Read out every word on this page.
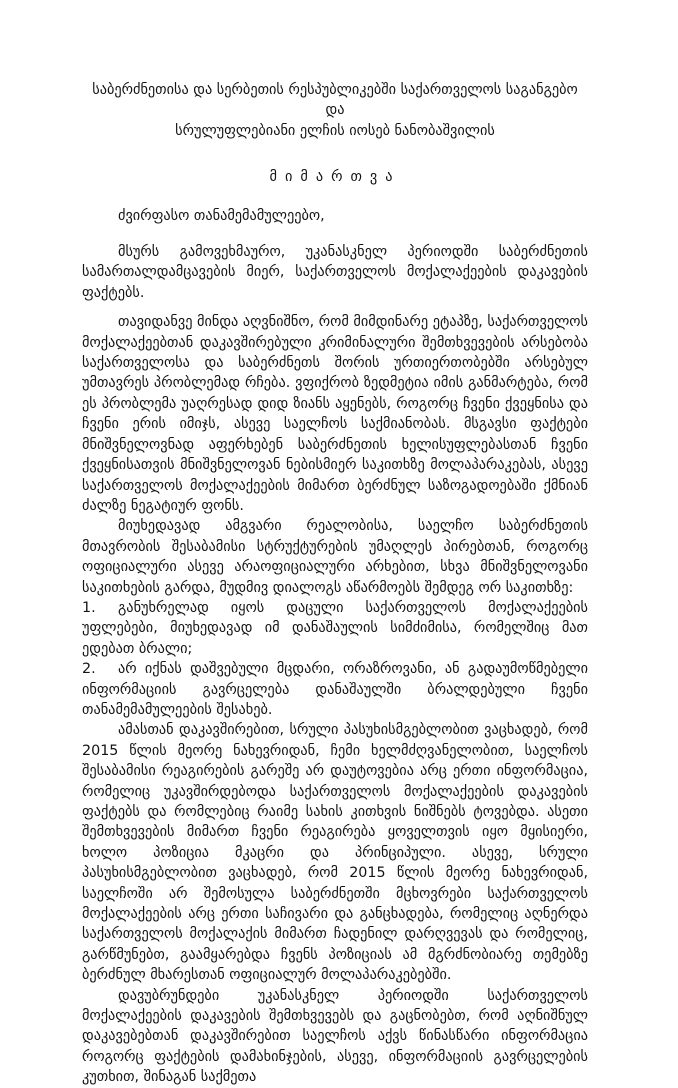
საბერძნეთისა და სერბეთის რესპუბლიკებში საქართველოს საგანგებო და
სრულუფლებიანი ელჩის იოსებ ნანობაშვილის

მიმართვა

ძვირფასო თანამემამულეებო,

მსურს გამოვეხმაურო, უკანასკნელ პერიოდში საბერძნეთის სამართალდამცავების მიერ, საქართველოს მოქალაქეების დაკავების ფაქტებს.

თავიდანვე მინდა აღვნიშნო, რომ მიმდინარე ეტაპზე, საქართველოს მოქალაქეებთან დაკავშირებული კრიმინალური შემთხვევების არსებობა საქართველოსა და საბერძნეთს შორის ურთიერთობებში არსებულ უმთავრეს პრობლემად რჩება. ვფიქრობ ზედმეტია იმის განმარტება, რომ ეს პრობლემა უაღრესად დიდ ზიანს აყენებს, როგორც ჩვენი ქვეყნისა და ჩვენი ერის იმიჯს, ასევე საელჩოს საქმიანობას. მსგავსი ფაქტები მნიშვნელოვნად აფერხებენ საბერძნეთის ხელისუფლებასთან ჩვენი ქვეყნისათვის მნიშვნელოვან ნებისმიერ საკითხზე მოლაპარაკებას, ასევე საქართველოს მოქალაქეების მიმართ ბერძნულ საზოგადოებაში ქმნიან ძალზე ნეგატიურ ფონს.

მიუხედავად ამგვარი რეალობისა, საელჩო საბერძნეთის მთავრობის შესაბამისი სტრუქტურების უმაღლეს პირებთან, როგორც ოფიციალური ასევე არაოფიციალური არხებით, სხვა მნიშვნელოვანი საკითხების გარდა, მუდმივ დიალოგს აწარმოებს შემდეგ ორ საკითხზე:

1. განუხრელად იყოს დაცული საქართველოს მოქალაქეების უფლებები, მიუხედავად იმ დანაშაულის სიმძიმისა, რომელშიც მათ ედებათ ბრალი;

2. არ იქნას დაშვებული მცდარი, ორაზროვანი, ან გადაუმოწმებელი ინფორმაციის გავრცელება დანაშაულში ბრალდებული ჩვენი თანამემამულეების შესახებ.

ამასთან დაკავშირებით, სრული პასუხისმგებლობით ვაცხადებ, რომ 2015 წლის მეორე ნახევრიდან, ჩემი ხელმძღვანელობით, საელჩოს შესაბამისი რეაგირების გარეშე არ დაუტოვებია არც ერთი ინფორმაცია, რომელიც უკავშირდებოდა საქართველოს მოქალაქეების დაკავების ფაქტებს და რომლებიც რაიმე სახის კითხვის ნიშნებს ტოვებდა. ასეთი შემთხვევების მიმართ ჩვენი რეაგირება ყოველთვის იყო მყისიერი, ხოლო პოზიცია მკაცრი და პრინციპული. ასევე, სრული პასუხისმგებლობით ვაცხადებ, რომ 2015 წლის მეორე ნახევრიდან, საელჩოში არ შემოსულა საბერძნეთში მცხოვრები საქართველოს მოქალაქეების არც ერთი საჩივარი და განცხადება, რომელიც აღნერდა საქართველოს მოქალაქის მიმართ ჩადენილ დარღვევას და რომელიც, გარწმუნებთ, გაამყარებდა ჩვენს პოზიციას ამ მგრძნობიარე თემებზე ბერძნულ მხარესთან ოფიციალურ მოლაპარაკებებში.

დავუბრუნდები უკანასკნელ პერიოდში საქართველოს მოქალაქეების დაკავების შემთხვევებს და გაცნობებთ, რომ აღნიშნულ დაკავებებთან დაკავშირებით საელჩოს აქვს წინასწარი ინფორმაცია როგორც ფაქტების დამახინჯების, ასევე, ინფორმაციის გავრცელების კუთხით, შინაგან საქმეთა
